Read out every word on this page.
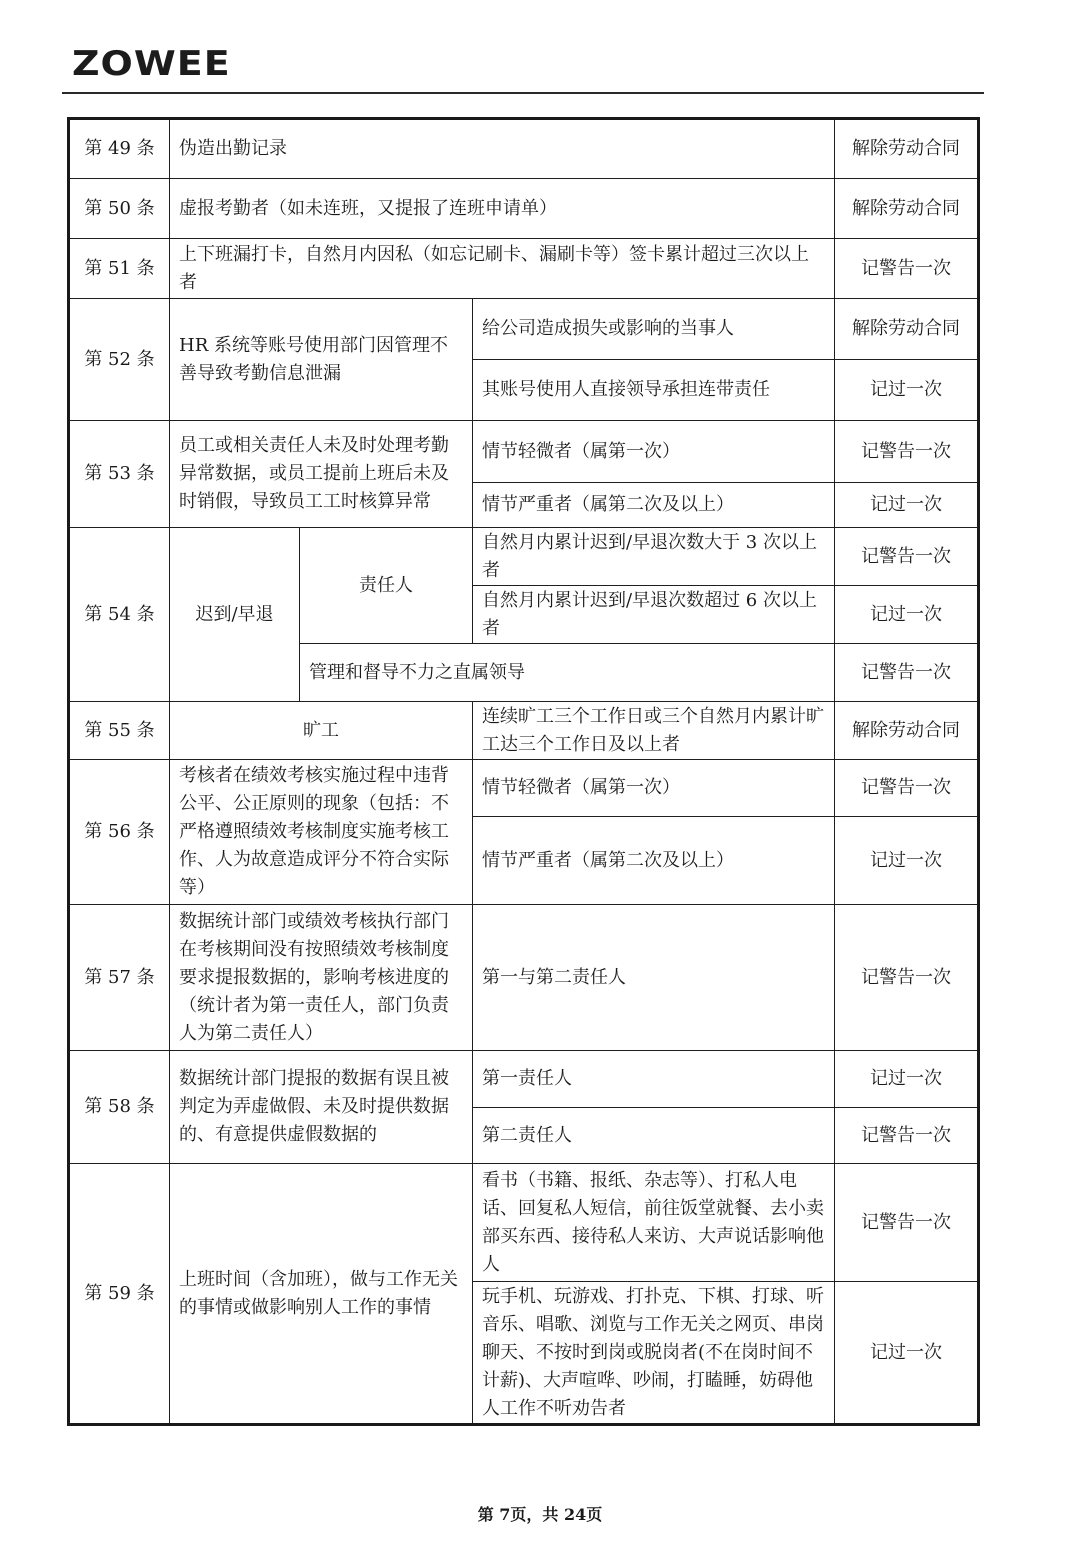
ZOWEE
第 49 条	伪造出勤记录			解除劳动合同
第 50 条	虚报考勤者（如未连班，又提报了连班申请单）			解除劳动合同
第 51 条	上下班漏打卡，自然月内因私（如忘记刷卡、漏刷卡等）签卡累计超过三次以上者			记警告一次
第 52 条	HR 系统等账号使用部门因管理不善导致考勤信息泄漏		给公司造成损失或影响的当事人	解除劳动合同
			其账号使用人直接领导承担连带责任	记过一次
第 53 条	员工或相关责任人未及时处理考勤异常数据，或员工提前上班后未及时销假，导致员工工时核算异常		情节轻微者（属第一次）	记警告一次
			情节严重者（属第二次及以上）	记过一次
第 54 条	迟到/早退	责任人	自然月内累计迟到/早退次数大于 3 次以上者	记警告一次
			自然月内累计迟到/早退次数超过 6 次以上者	记过一次
		管理和督导不力之直属领导		记警告一次
第 55 条	旷工		连续旷工三个工作日或三个自然月内累计旷工达三个工作日及以上者	解除劳动合同
第 56 条	考核者在绩效考核实施过程中违背公平、公正原则的现象（包括：不严格遵照绩效考核制度实施考核工作、人为故意造成评分不符合实际等）		情节轻微者（属第一次）	记警告一次
			情节严重者（属第二次及以上）	记过一次
第 57 条	数据统计部门或绩效考核执行部门在考核期间没有按照绩效考核制度要求提报数据的，影响考核进度的（统计者为第一责任人，部门负责人为第二责任人）		第一与第二责任人	记警告一次
第 58 条	数据统计部门提报的数据有误且被判定为弄虚做假、未及时提供数据的、有意提供虚假数据的		第一责任人	记过一次
			第二责任人	记警告一次
第 59 条	上班时间（含加班），做与工作无关的事情或做影响别人工作的事情		看书（书籍、报纸、杂志等）、打私人电话、回复私人短信，前往饭堂就餐、去小卖部买东西、接待私人来访、大声说话影响他人	记警告一次
			玩手机、玩游戏、打扑克、下棋、打球、听音乐、唱歌、浏览与工作无关之网页、串岗聊天、不按时到岗或脱岗者(不在岗时间不计薪)、大声喧哗、吵闹，打瞌睡，妨碍他人工作不听劝告者	记过一次
第 7页，共 24页
